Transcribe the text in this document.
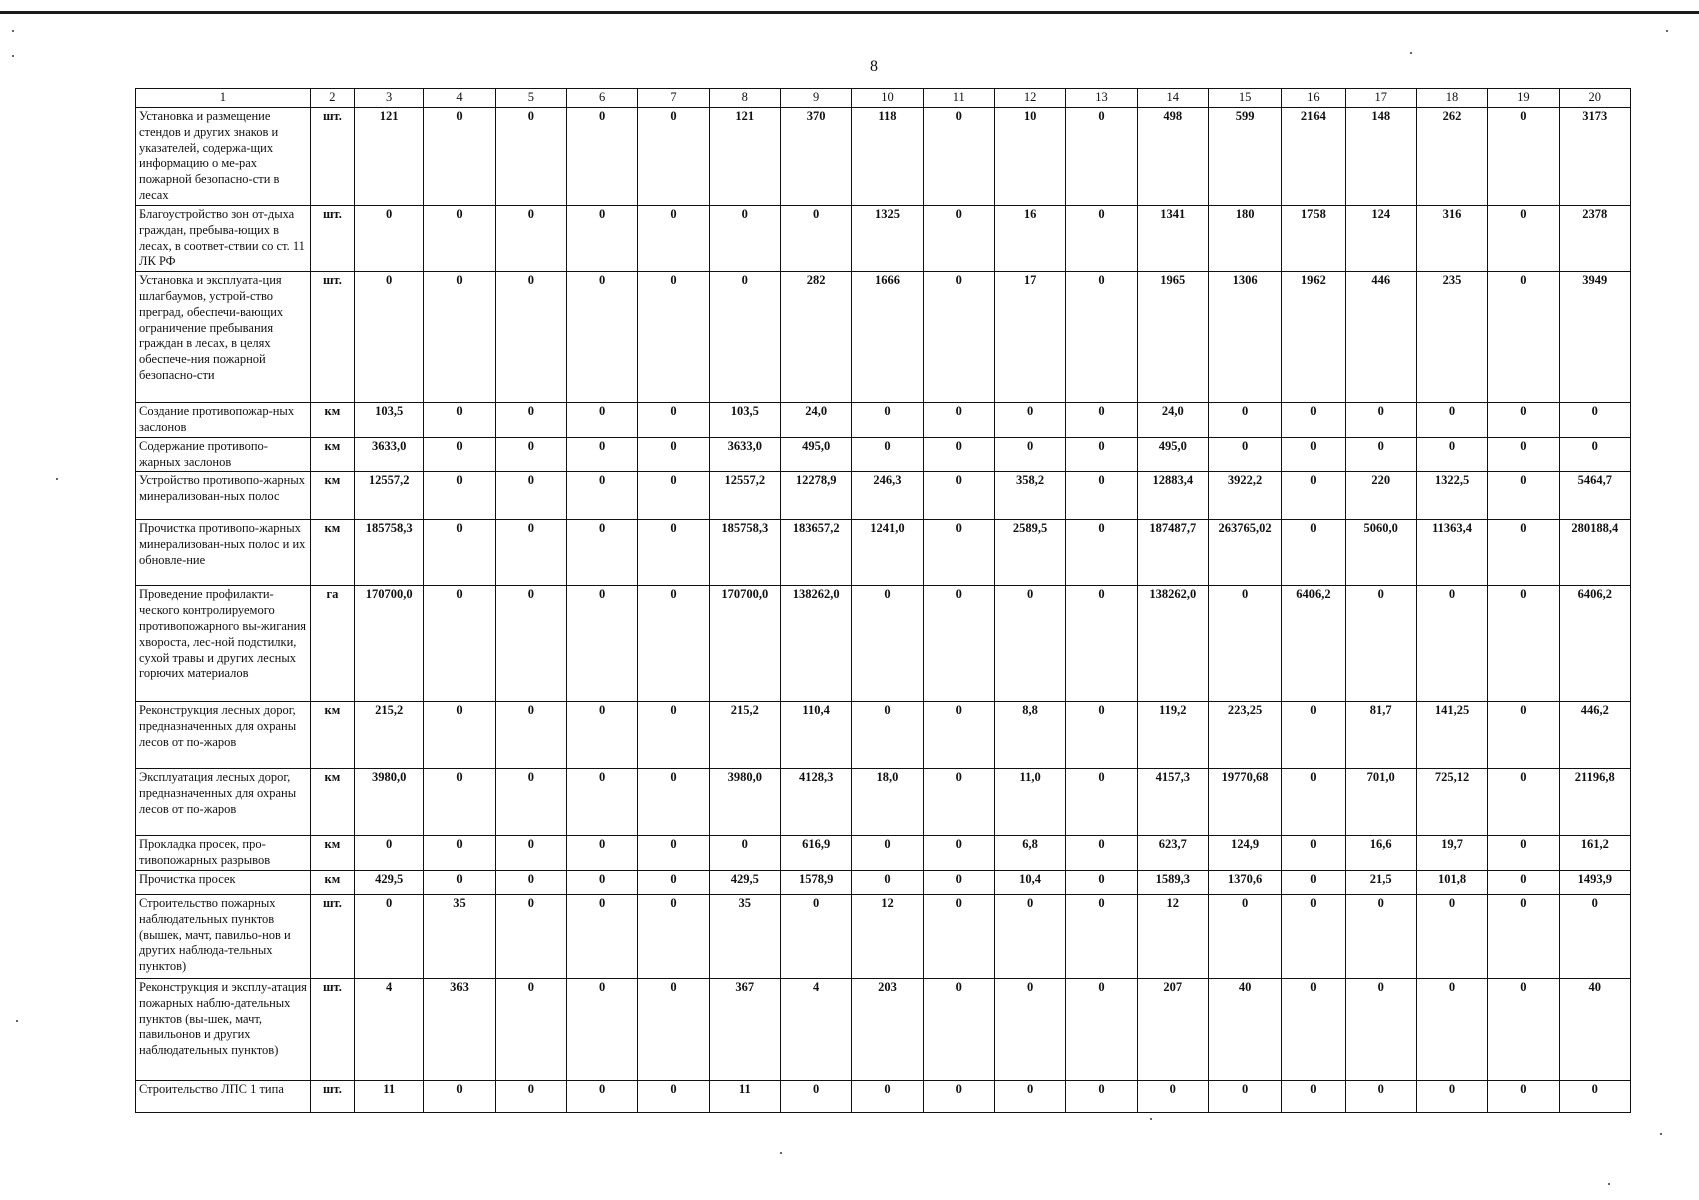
8
1	2	3	4	5	6	7	8	9	10	11	12	13	14	15	16	17	18	19	20
Установка и размещение стендов и других знаков и указателей, содержа-щих информацию о ме-рах пожарной безопасно-сти в лесах	шт.	121	0	0	0	0	121	370	118	0	10	0	498	599	2164	148	262	0	3173
Благоустройство зон от-дыха граждан, пребыва-ющих в лесах, в соответ-ствии со ст. 11 ЛК РФ	шт.	0	0	0	0	0	0	0	1325	0	16	0	1341	180	1758	124	316	0	2378
Установка и эксплуата-ция шлагбаумов, устрой-ство преград, обеспечи-вающих ограничение пребывания граждан в лесах, в целях обеспече-ния пожарной безопасно-сти	шт.	0	0	0	0	0	0	282	1666	0	17	0	1965	1306	1962	446	235	0	3949
Создание противопожар-ных заслонов	км	103,5	0	0	0	0	103,5	24,0	0	0	0	0	24,0	0	0	0	0	0	0
Содержание противопо-жарных заслонов	км	3633,0	0	0	0	0	3633,0	495,0	0	0	0	0	495,0	0	0	0	0	0	0
Устройство противопо-жарных минерализован-ных полос	км	12557,2	0	0	0	0	12557,2	12278,9	246,3	0	358,2	0	12883,4	3922,2	0	220	1322,5	0	5464,7
Прочистка противопо-жарных минерализован-ных полос и их обновле-ние	км	185758,3	0	0	0	0	185758,3	183657,2	1241,0	0	2589,5	0	187487,7	263765,02	0	5060,0	11363,4	0	280188,4
Проведение профилакти-ческого контролируемого противопожарного вы-жигания хвороста, лес-ной подстилки, сухой травы и других лесных горючих материалов	га	170700,0	0	0	0	0	170700,0	138262,0	0	0	0	0	138262,0	0	6406,2	0	0	0	6406,2
Реконструкция лесных дорог, предназначенных для охраны лесов от по-жаров	км	215,2	0	0	0	0	215,2	110,4	0	0	8,8	0	119,2	223,25	0	81,7	141,25	0	446,2
Эксплуатация лесных дорог, предназначенных для охраны лесов от по-жаров	км	3980,0	0	0	0	0	3980,0	4128,3	18,0	0	11,0	0	4157,3	19770,68	0	701,0	725,12	0	21196,8
Прокладка просек, про-тивопожарных разрывов	км	0	0	0	0	0	0	616,9	0	0	6,8	0	623,7	124,9	0	16,6	19,7	0	161,2
Прочистка просек	км	429,5	0	0	0	0	429,5	1578,9	0	0	10,4	0	1589,3	1370,6	0	21,5	101,8	0	1493,9
Строительство пожарных наблюдательных пунктов (вышек, мачт, павильо-нов и других наблюда-тельных пунктов)	шт.	0	35	0	0	0	35	0	12	0	0	0	12	0	0	0	0	0	0
Реконструкция и эксплу-атация пожарных наблю-дательных пунктов (вы-шек, мачт, павильонов и других наблюдательных пунктов)	шт.	4	363	0	0	0	367	4	203	0	0	0	207	40	0	0	0	0	40
Строительство ЛПС 1 типа	шт.	11	0	0	0	0	11	0	0	0	0	0	0	0	0	0	0	0	0
